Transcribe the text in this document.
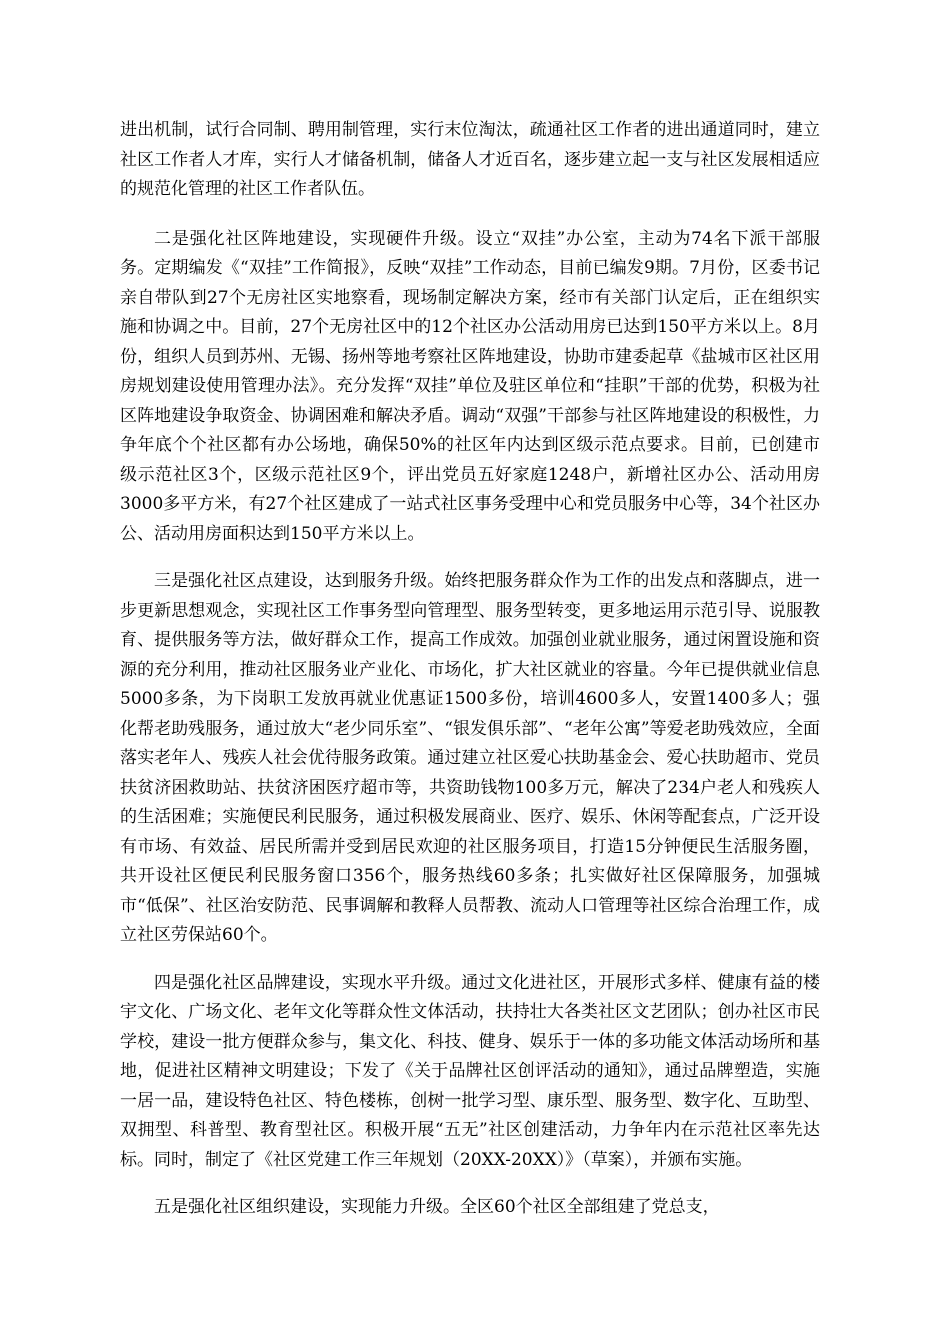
进出机制，试行合同制、聘用制管理，实行末位淘汰，疏通社区工作者的进出通道同时，建立社区工作者人才库，实行人才储备机制，储备人才近百名，逐步建立起一支与社区发展相适应的规范化管理的社区工作者队伍。

二是强化社区阵地建设，实现硬件升级。设立“双挂”办公室，主动为74名下派干部服务。定期编发《“双挂”工作简报》，反映“双挂”工作动态，目前已编发9期。7月份，区委书记亲自带队到27个无房社区实地察看，现场制定解决方案，经市有关部门认定后，正在组织实施和协调之中。目前，27个无房社区中的12个社区办公活动用房已达到150平方米以上。8月份，组织人员到苏州、无锡、扬州等地考察社区阵地建设，协助市建委起草《盐城市区社区用房规划建设使用管理办法》。充分发挥“双挂”单位及驻区单位和“挂职”干部的优势，积极为社区阵地建设争取资金、协调困难和解决矛盾。调动“双强”干部参与社区阵地建设的积极性，力争年底个个社区都有办公场地，确保50%的社区年内达到区级示范点要求。目前，已创建市级示范社区3个，区级示范社区9个，评出党员五好家庭1248户，新增社区办公、活动用房3000多平方米，有27个社区建成了一站式社区事务受理中心和党员服务中心等，34个社区办公、活动用房面积达到150平方米以上。

三是强化社区点建设，达到服务升级。始终把服务群众作为工作的出发点和落脚点，进一步更新思想观念，实现社区工作事务型向管理型、服务型转变，更多地运用示范引导、说服教育、提供服务等方法，做好群众工作，提高工作成效。加强创业就业服务，通过闲置设施和资源的充分利用，推动社区服务业产业化、市场化，扩大社区就业的容量。今年已提供就业信息5000多条，为下岗职工发放再就业优惠证1500多份，培训4600多人，安置1400多人；强化帮老助残服务，通过放大“老少同乐室”、“银发俱乐部”、“老年公寓”等爱老助残效应，全面落实老年人、残疾人社会优待服务政策。通过建立社区爱心扶助基金会、爱心扶助超市、党员扶贫济困救助站、扶贫济困医疗超市等，共资助钱物100多万元，解决了234户老人和残疾人的生活困难；实施便民利民服务，通过积极发展商业、医疗、娱乐、休闲等配套点，广泛开设有市场、有效益、居民所需并受到居民欢迎的社区服务项目，打造15分钟便民生活服务圈，共开设社区便民利民服务窗口356个，服务热线60多条；扎实做好社区保障服务，加强城市“低保”、社区治安防范、民事调解和教释人员帮教、流动人口管理等社区综合治理工作，成立社区劳保站60个。

四是强化社区品牌建设，实现水平升级。通过文化进社区，开展形式多样、健康有益的楼宇文化、广场文化、老年文化等群众性文体活动，扶持壮大各类社区文艺团队；创办社区市民学校，建设一批方便群众参与，集文化、科技、健身、娱乐于一体的多功能文体活动场所和基地，促进社区精神文明建设；下发了《关于品牌社区创评活动的通知》，通过品牌塑造，实施一居一品，建设特色社区、特色楼栋，创树一批学习型、康乐型、服务型、数字化、互助型、双拥型、科普型、教育型社区。积极开展“五无”社区创建活动，力争年内在示范社区率先达标。同时，制定了《社区党建工作三年规划（20XX-20XX）》（草案），并颁布实施。

五是强化社区组织建设，实现能力升级。全区60个社区全部组建了党总支，
